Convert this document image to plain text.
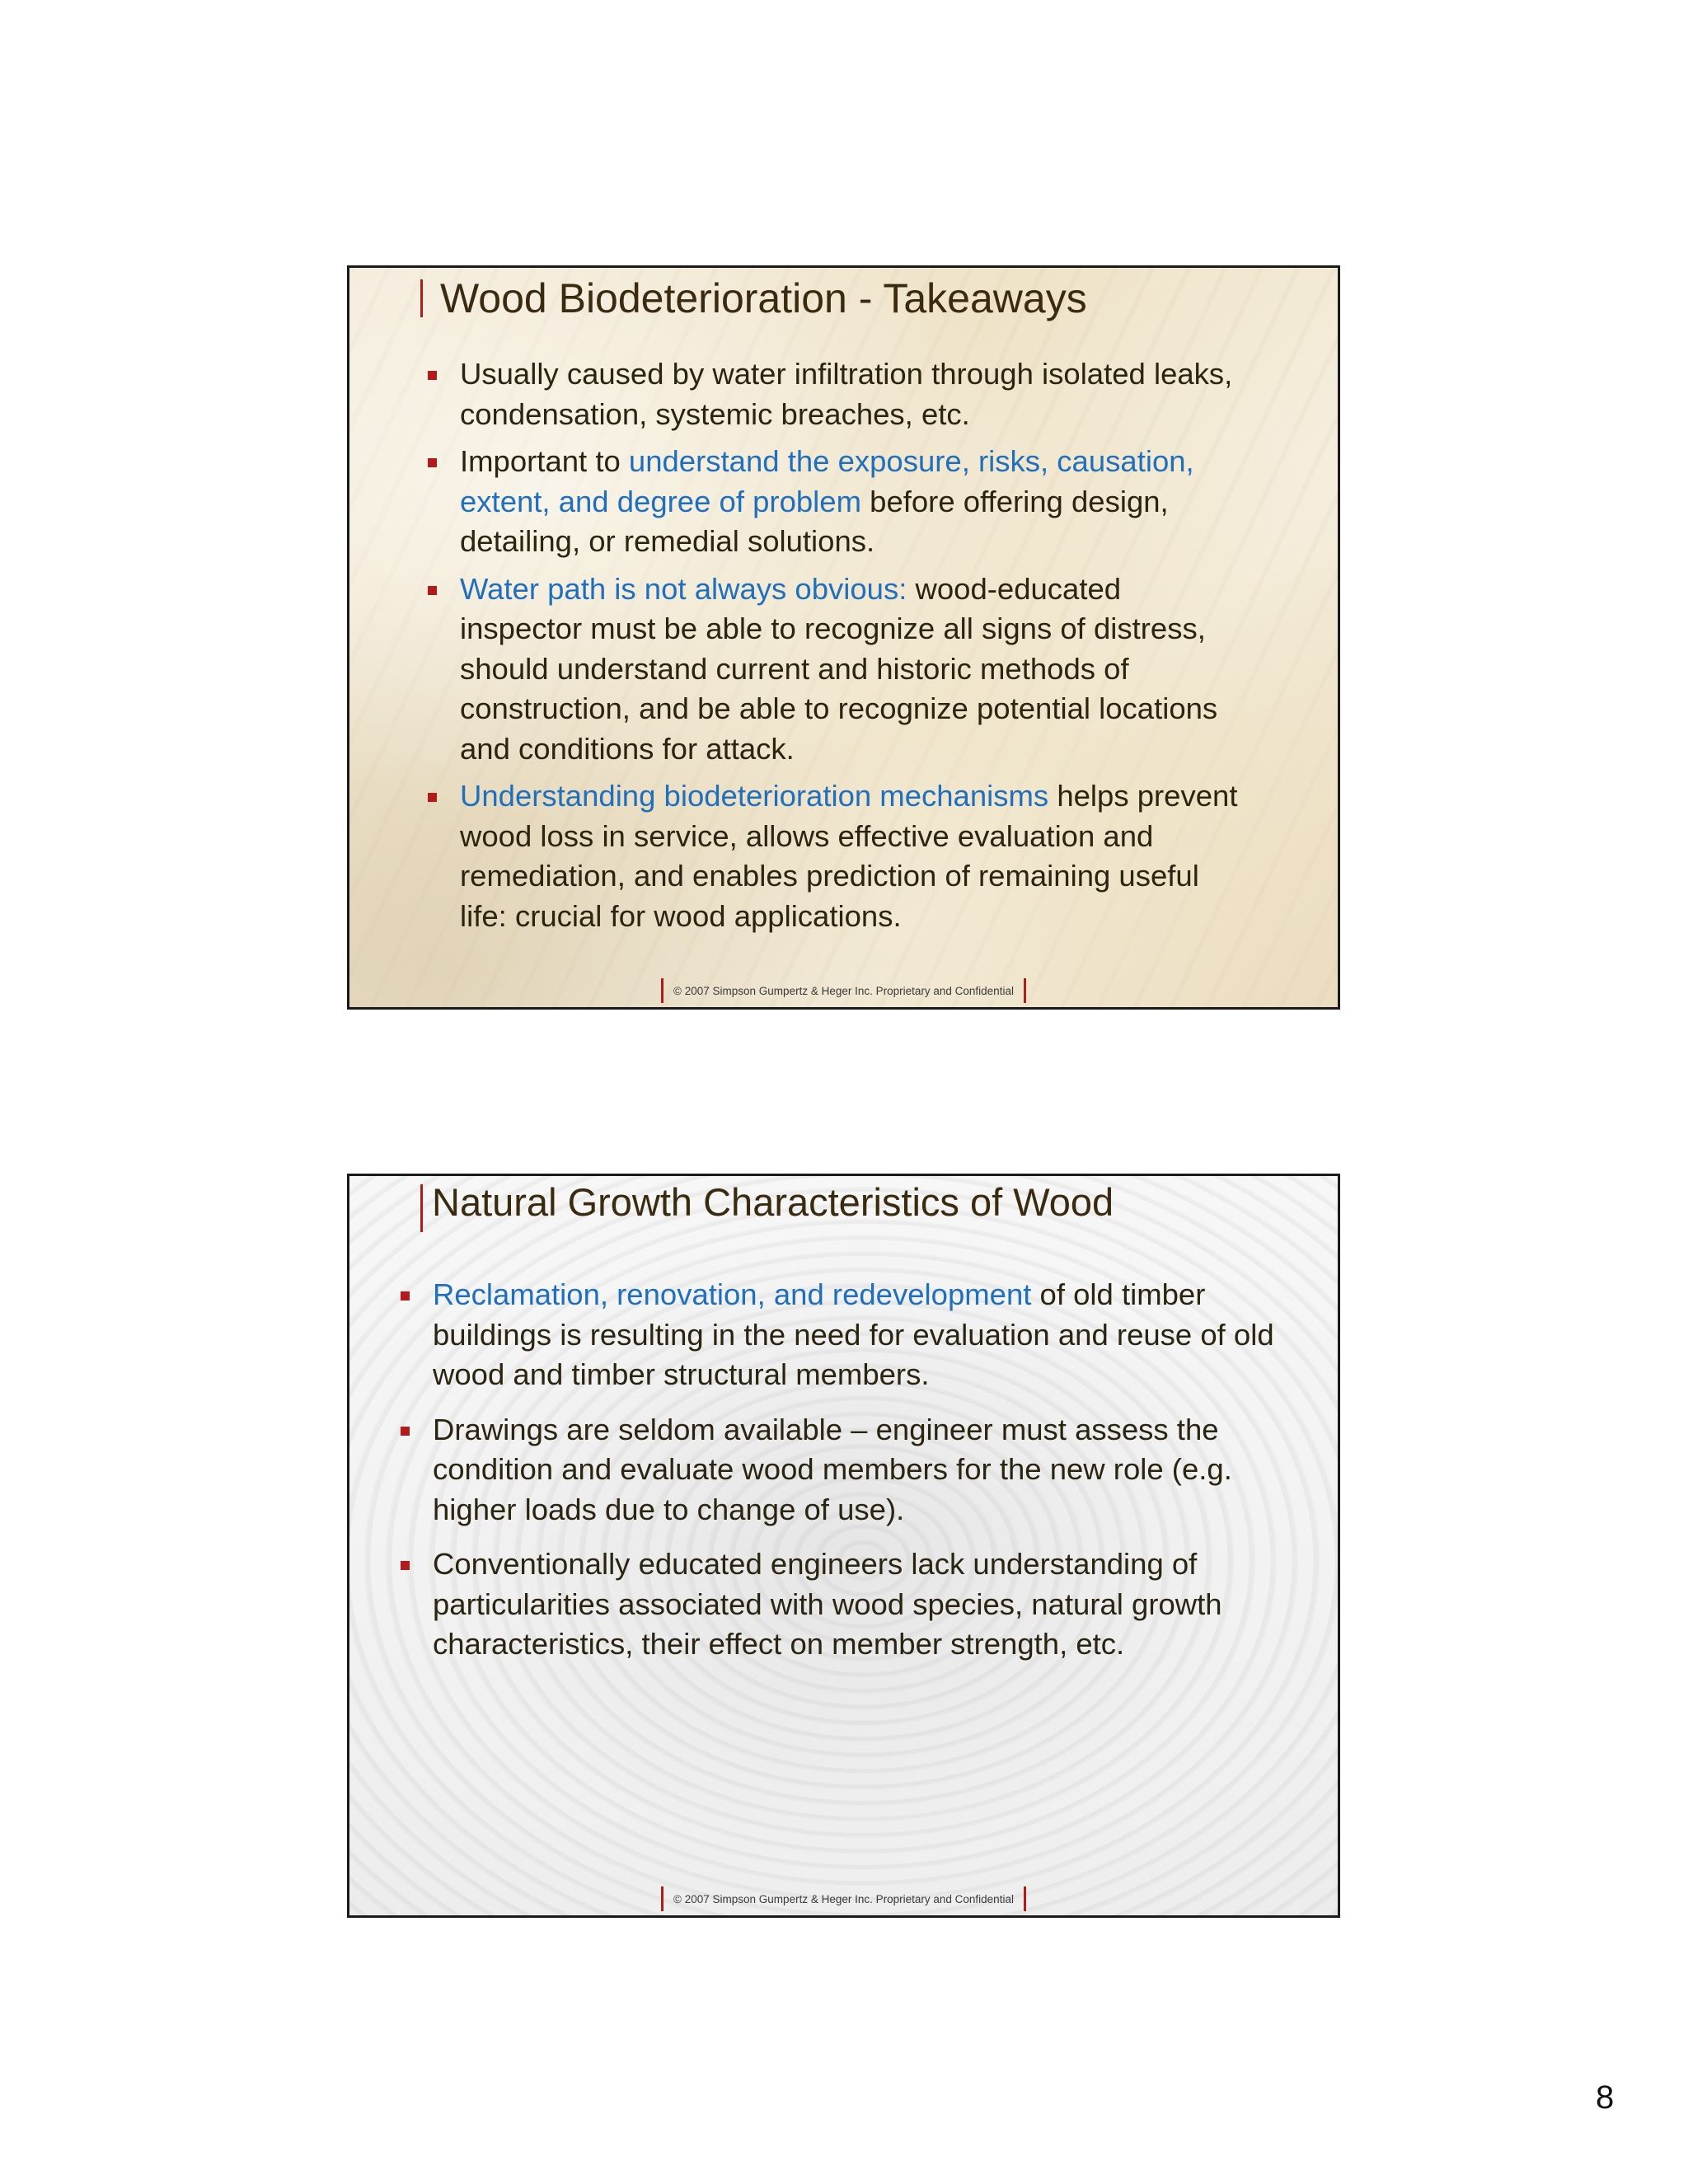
Wood Biodeterioration - Takeaways
Usually caused by water infiltration through isolated leaks, condensation, systemic breaches, etc.
Important to understand the exposure, risks, causation, extent, and degree of problem before offering design, detailing, or remedial solutions.
Water path is not always obvious: wood-educated inspector must be able to recognize all signs of distress, should understand current and historic methods of construction, and be able to recognize potential locations and conditions for attack.
Understanding biodeterioration mechanisms helps prevent wood loss in service, allows effective evaluation and remediation, and enables prediction of remaining useful life: crucial for wood applications.
© 2007 Simpson Gumpertz & Heger Inc. Proprietary and Confidential
Natural Growth Characteristics of Wood
Reclamation, renovation, and redevelopment of old timber buildings is resulting in the need for evaluation and reuse of old wood and timber structural members.
Drawings are seldom available – engineer must assess the condition and evaluate wood members for the new role (e.g. higher loads due to change of use).
Conventionally educated engineers lack understanding of particularities associated with wood species, natural growth characteristics, their effect on member strength, etc.
© 2007 Simpson Gumpertz & Heger Inc. Proprietary and Confidential
8
